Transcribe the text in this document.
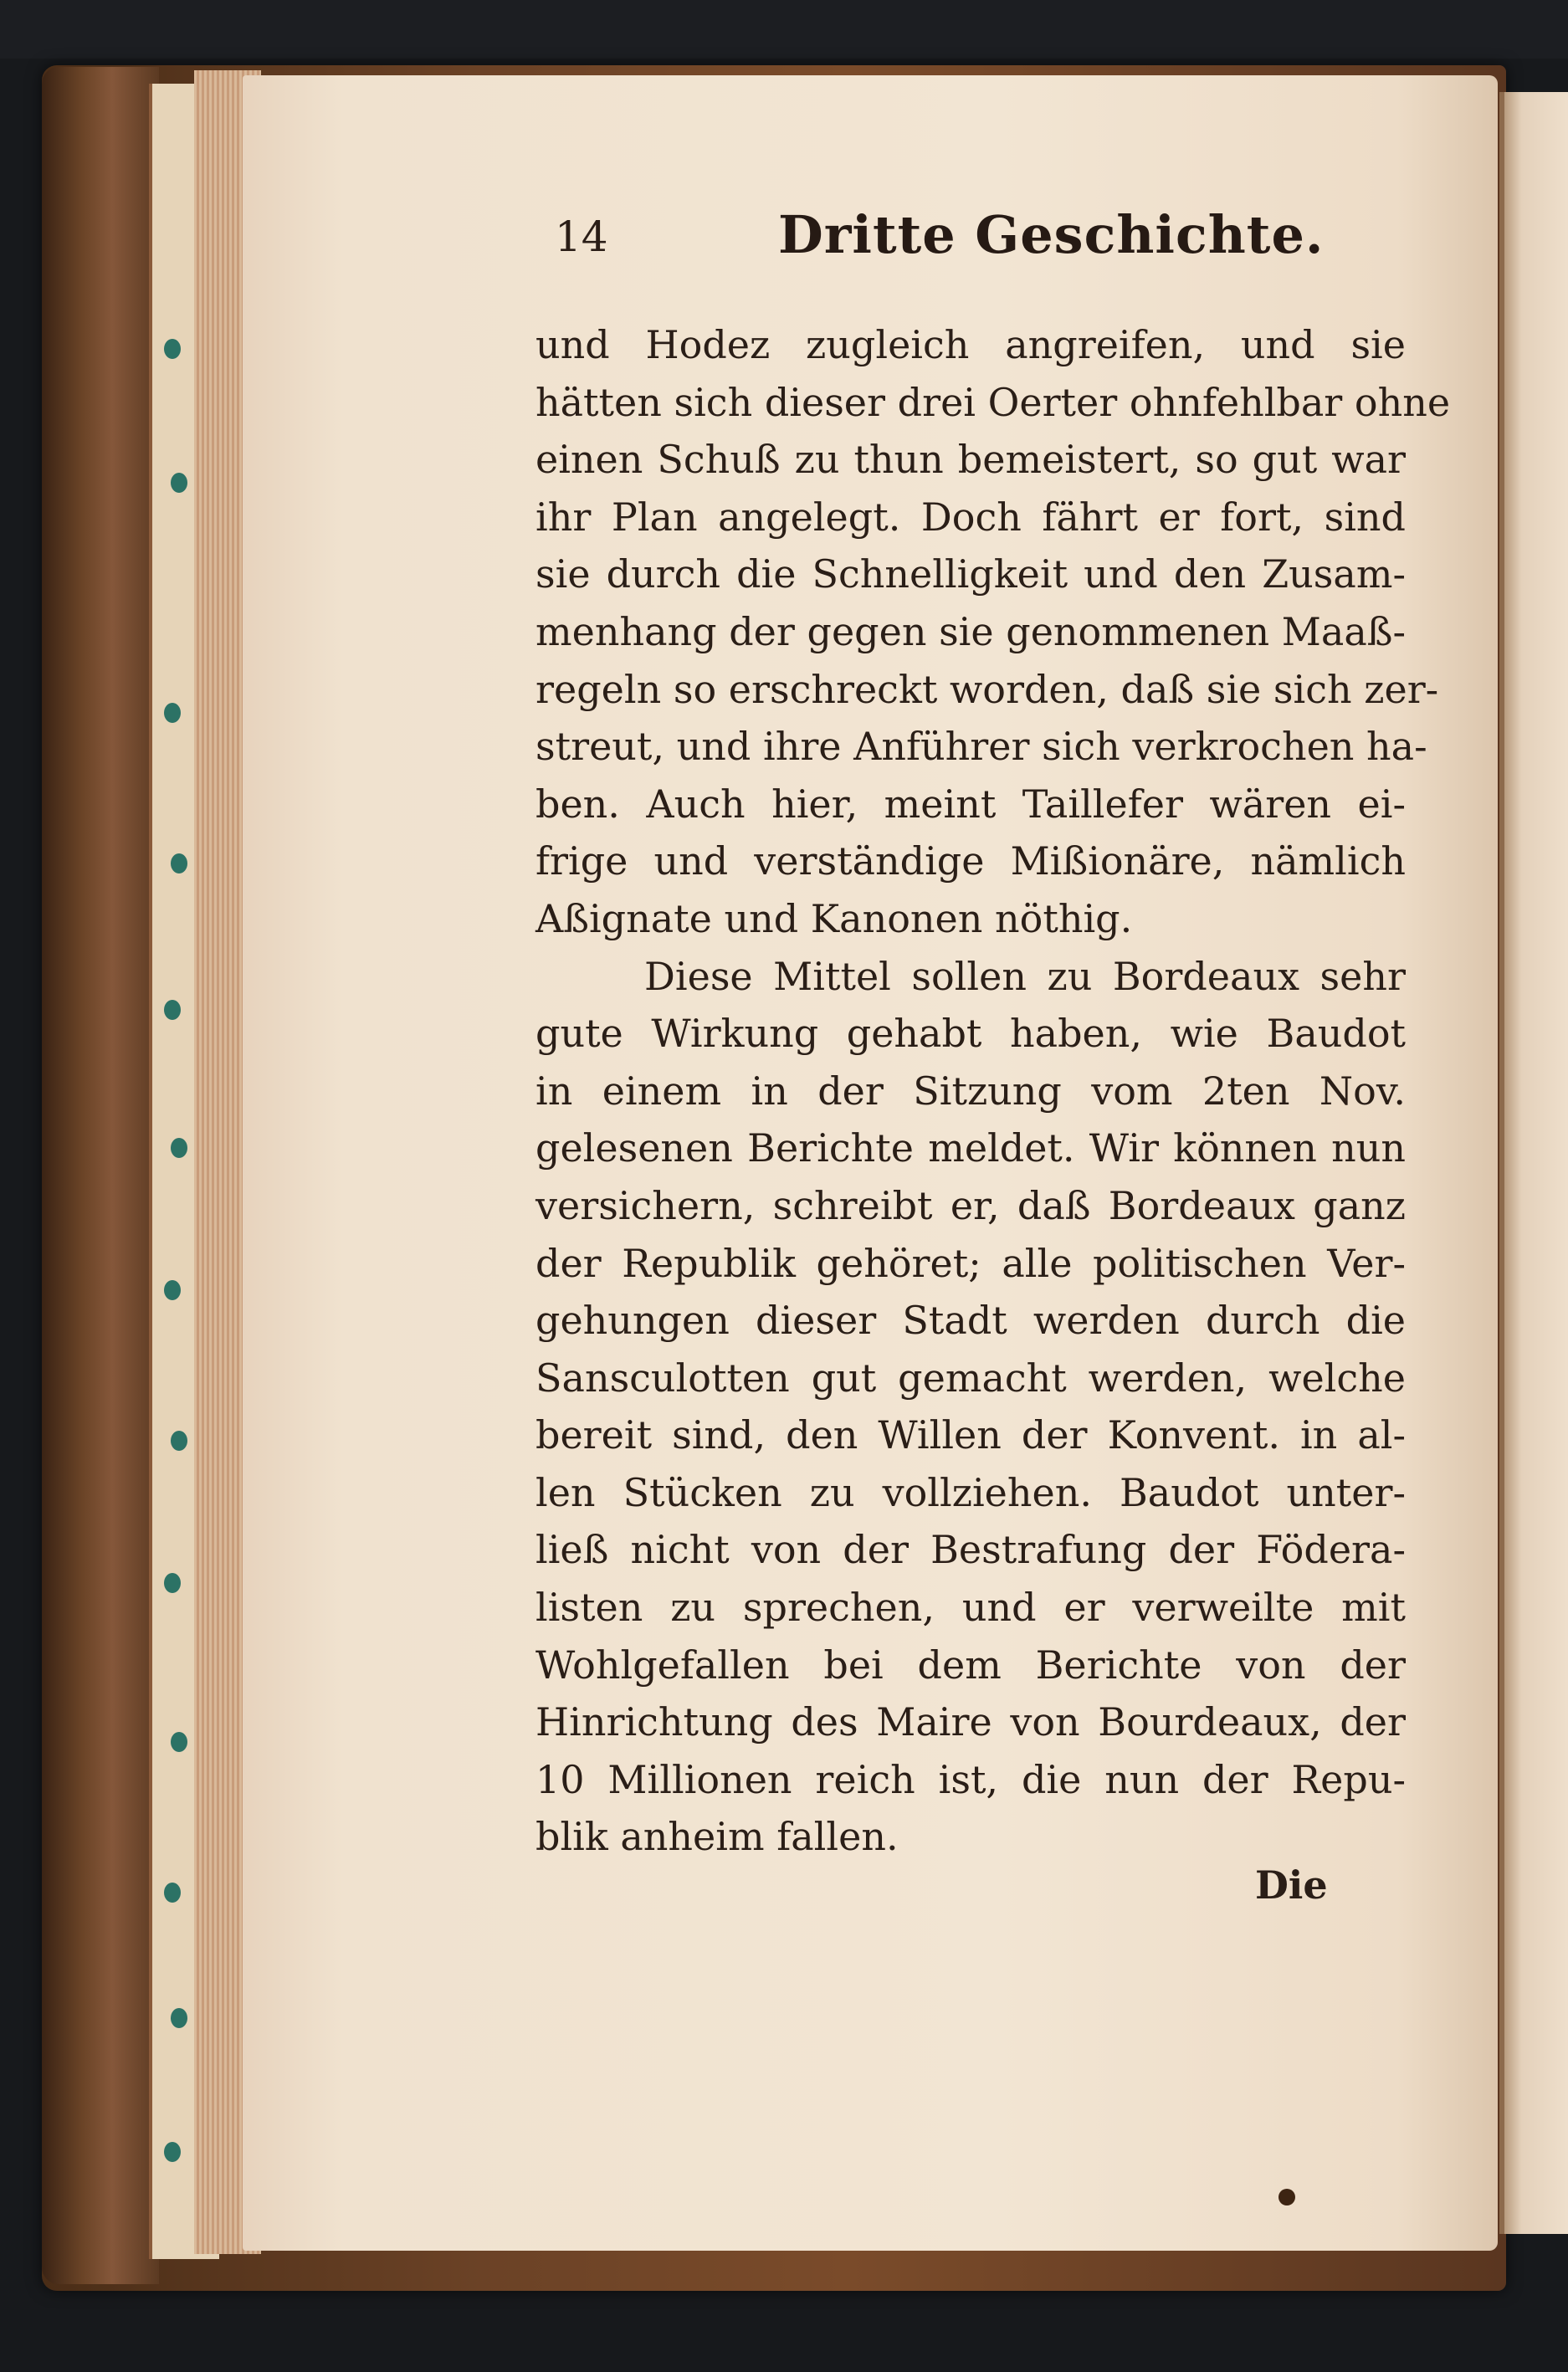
14	Dritte Geschichte.
und Hodez zugleich angreifen, und sie
hätten sich dieser drei Oerter ohnfehlbar ohne
einen Schuß zu thun bemeistert, so gut war
ihr Plan angelegt. Doch fährt er fort, sind
sie durch die Schnelligkeit und den Zusam-
menhang der gegen sie genommenen Maaß-
regeln so erschreckt worden, daß sie sich zer-
streut, und ihre Anführer sich verkrochen ha-
ben. Auch hier, meint Taillefer wären ei-
frige und verständige Mißionäre, nämlich
Aßignate und Kanonen nöthig.
Diese Mittel sollen zu Bordeaux sehr
gute Wirkung gehabt haben, wie Baudot
in einem in der Sitzung vom 2ten Nov.
gelesenen Berichte meldet. Wir können nun
versichern, schreibt er, daß Bordeaux ganz
der Republik gehöret; alle politischen Ver-
gehungen dieser Stadt werden durch die
Sansculotten gut gemacht werden, welche
bereit sind, den Willen der Konvent. in al-
len Stücken zu vollziehen. Baudot unter-
ließ nicht von der Bestrafung der Födera-
listen zu sprechen, und er verweilte mit
Wohlgefallen bei dem Berichte von der
Hinrichtung des Maire von Bourdeaux, der
10 Millionen reich ist, die nun der Repu-
blik anheim fallen.
Die
